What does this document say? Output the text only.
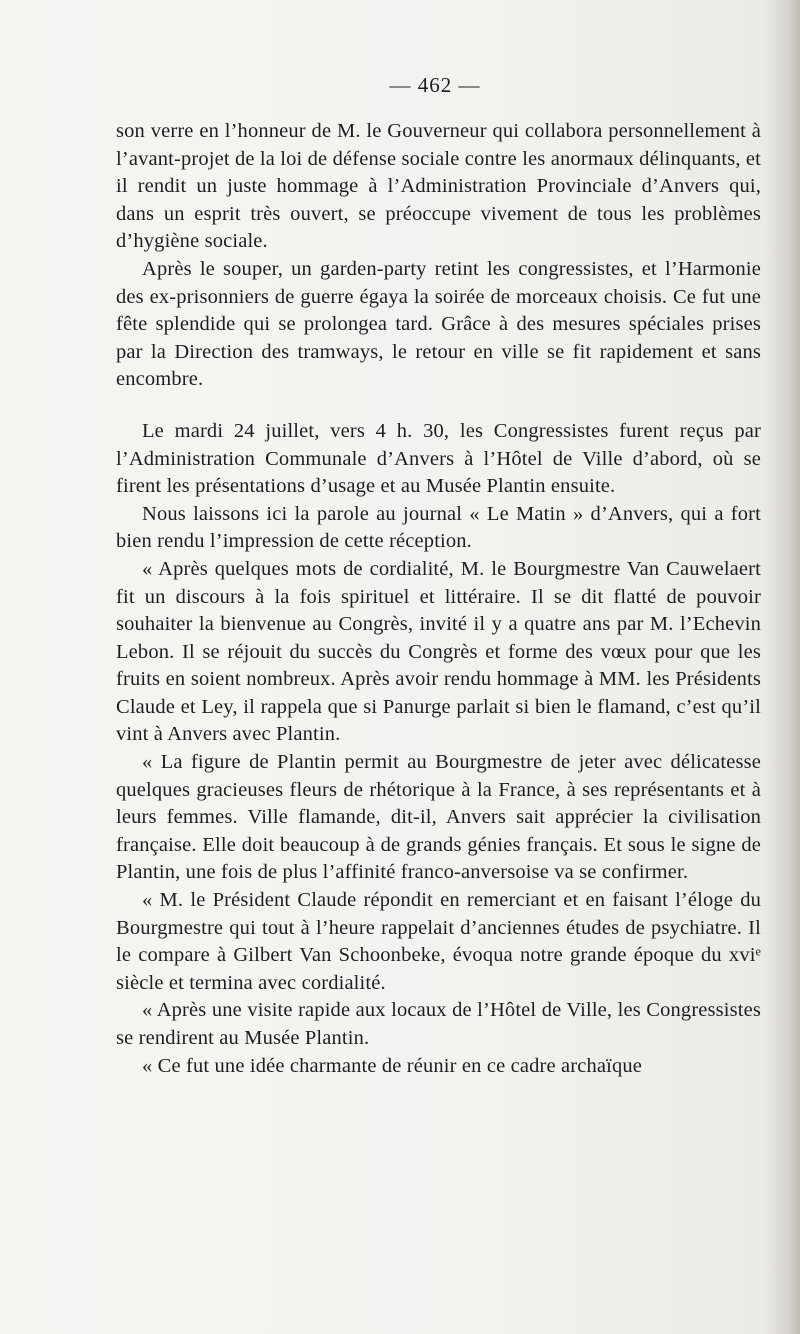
— 462 —

son verre en l’honneur de M. le Gouverneur qui collabora personnellement à l’avant-projet de la loi de défense sociale contre les anormaux délinquants, et il rendit un juste hommage à l’Administration Provinciale d’Anvers qui, dans un esprit très ouvert, se préoccupe vivement de tous les problèmes d’hygiène sociale.

Après le souper, un garden-party retint les congressistes, et l’Harmonie des ex-prisonniers de guerre égaya la soirée de morceaux choisis. Ce fut une fête splendide qui se prolongea tard. Grâce à des mesures spéciales prises par la Direction des tramways, le retour en ville se fit rapidement et sans encombre.

Le mardi 24 juillet, vers 4 h. 30, les Congressistes furent reçus par l’Administration Communale d’Anvers à l’Hôtel de Ville d’abord, où se firent les présentations d’usage et au Musée Plantin ensuite.

Nous laissons ici la parole au journal « Le Matin » d’Anvers, qui a fort bien rendu l’impression de cette réception.

« Après quelques mots de cordialité, M. le Bourgmestre Van Cauwelaert fit un discours à la fois spirituel et littéraire. Il se dit flatté de pouvoir souhaiter la bienvenue au Congrès, invité il y a quatre ans par M. l’Echevin Lebon. Il se réjouit du succès du Congrès et forme des vœux pour que les fruits en soient nombreux. Après avoir rendu hommage à MM. les Présidents Claude et Ley, il rappela que si Panurge parlait si bien le flamand, c’est qu’il vint à Anvers avec Plantin.

« La figure de Plantin permit au Bourgmestre de jeter avec délicatesse quelques gracieuses fleurs de rhétorique à la France, à ses représentants et à leurs femmes. Ville flamande, dit-il, Anvers sait apprécier la civilisation française. Elle doit beaucoup à de grands génies français. Et sous le signe de Plantin, une fois de plus l’affinité franco-anversoise va se confirmer.

« M. le Président Claude répondit en remerciant et en faisant l’éloge du Bourgmestre qui tout à l’heure rappelait d’anciennes études de psychiatre. Il le compare à Gilbert Van Schoonbeke, évoqua notre grande époque du xviᵉ siècle et termina avec cordialité.

« Après une visite rapide aux locaux de l’Hôtel de Ville, les Congressistes se rendirent au Musée Plantin.

« Ce fut une idée charmante de réunir en ce cadre archaïque
